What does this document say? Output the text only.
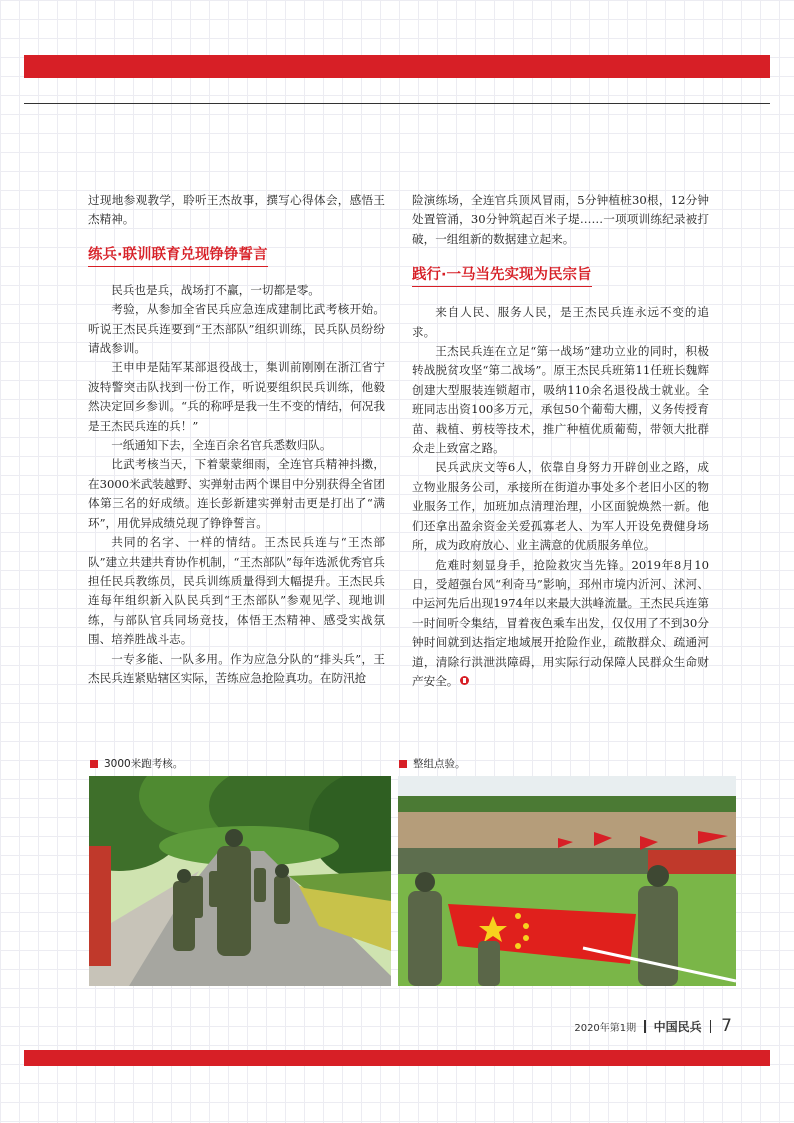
过现地参观教学，聆听王杰故事，撰写心得体会，感悟王杰精神。

练兵·联训联育兑现铮铮誓言

民兵也是兵，战场打不赢，一切都是零。

考验，从参加全省民兵应急连成建制比武考核开始。听说王杰民兵连要到“王杰部队”组织训练，民兵队员纷纷请战参训。

王申申是陆军某部退役战士，集训前刚刚在浙江省宁波特警突击队找到一份工作，听说要组织民兵训练，他毅然决定回乡参训。“兵的称呼是我一生不变的情结，何况我是王杰民兵连的兵！”

一纸通知下去，全连百余名官兵悉数归队。

比武考核当天，下着蒙蒙细雨，全连官兵精神抖擞，在3000米武装越野、实弹射击两个课目中分别获得全省团体第三名的好成绩。连长彭新建实弹射击更是打出了“满环”，用优异成绩兑现了铮铮誓言。

共同的名字、一样的情结。王杰民兵连与“王杰部队”建立共建共育协作机制，“王杰部队”每年选派优秀官兵担任民兵教练员，民兵训练质量得到大幅提升。王杰民兵连每年组织新入队民兵到“王杰部队”参观见学、现地训练，与部队官兵同场竞技，体悟王杰精神、感受实战氛围、培养胜战斗志。

一专多能、一队多用。作为应急分队的“排头兵”，王杰民兵连紧贴辖区实际，苦练应急抢险真功。在防汛抢

险演练场，全连官兵顶风冒雨，5分钟植桩30根，12分钟处置管涌，30分钟筑起百米子堤……一项项训练纪录被打破，一组组新的数据建立起来。

践行·一马当先实现为民宗旨

来自人民、服务人民，是王杰民兵连永远不变的追求。

王杰民兵连在立足“第一战场”建功立业的同时，积极转战脱贫攻坚“第二战场”。原王杰民兵班第11任班长魏辉创建大型服装连锁超市，吸纳110余名退役战士就业。全班同志出资100多万元，承包50个葡萄大棚，义务传授育苗、栽植、剪枝等技术，推广种植优质葡萄，带领大批群众走上致富之路。

民兵武庆文等6人，依靠自身努力开辟创业之路，成立物业服务公司，承接所在街道办事处多个老旧小区的物业服务工作，加班加点清理治理，小区面貌焕然一新。他们还拿出盈余资金关爱孤寡老人、为军人开设免费健身场所，成为政府放心、业主满意的优质服务单位。

危难时刻显身手，抢险救灾当先锋。2019年8月10日，受超强台风“利奇马”影响，邳州市境内沂河、沭河、中运河先后出现1974年以来最大洪峰流量。王杰民兵连第一时间听令集结，冒着夜色乘车出发，仅仅用了不到30分钟时间就到达指定地域展开抢险作业，疏散群众、疏通河道，清除行洪泄洪障碍，用实际行动保障人民群众生命财产安全。

3000米跑考核。	整组点验。
2020年第1期 中国民兵 7
